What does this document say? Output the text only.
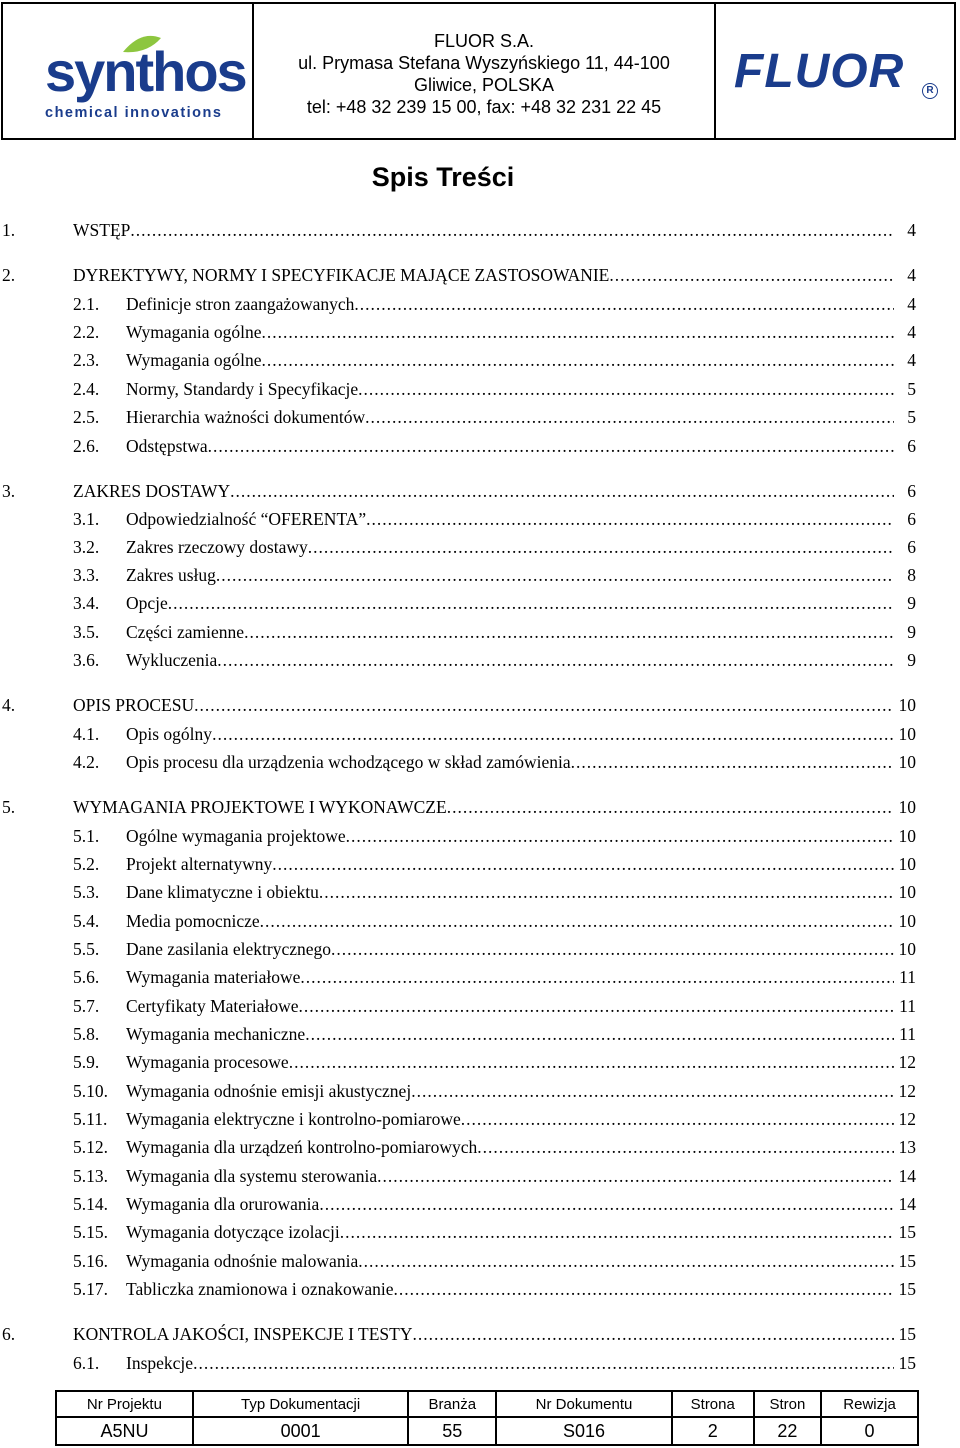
synthos
chemical innovations
FLUOR S.A.
ul. Prymasa Stefana Wyszyńskiego 11, 44-100
Gliwice, POLSKA
tel: +48 32 239 15 00, fax: +48 32 231 22 45
FLUOR	R
Spis Treści
1.	WSTĘP .....	4
2.	DYREKTYWY, NORMY I SPECYFIKACJE MAJĄCE ZASTOSOWANIE .....	4
2.1. Definicje stron zaangażowanych .....	4
2.2. Wymagania ogólne .....	4
2.3. Wymagania ogólne .....	4
2.4. Normy, Standardy i Specyfikacje .....	5
2.5. Hierarchia ważności dokumentów .....	5
2.6. Odstępstwa .....	6
3.	ZAKRES DOSTAWY .....	6
3.1. Odpowiedzialność “OFERENTA” .....	6
3.2. Zakres rzeczowy dostawy .....	6
3.3. Zakres usług .....	8
3.4. Opcje .....	9
3.5. Części zamienne .....	9
3.6. Wykluczenia .....	9
4.	OPIS PROCESU .....	10
4.1. Opis ogólny .....	10
4.2. Opis procesu dla urządzenia wchodzącego w skład zamówienia .....	10
5.	WYMAGANIA PROJEKTOWE I WYKONAWCZE .....	10
5.1. Ogólne wymagania projektowe .....	10
5.2. Projekt alternatywny .....	10
5.3. Dane klimatyczne i obiektu .....	10
5.4. Media pomocnicze .....	10
5.5. Dane zasilania elektrycznego .....	10
5.6. Wymagania materiałowe .....	11
5.7. Certyfikaty Materiałowe .....	11
5.8. Wymagania mechaniczne .....	11
5.9. Wymagania procesowe .....	12
5.10. Wymagania odnośnie emisji akustycznej .....	12
5.11. Wymagania elektryczne i kontrolno-pomiarowe .....	12
5.12. Wymagania dla urządzeń kontrolno-pomiarowych .....	13
5.13. Wymagania dla systemu sterowania .....	14
5.14. Wymagania dla orurowania .....	14
5.15. Wymagania dotyczące izolacji .....	15
5.16. Wymagania odnośnie malowania .....	15
5.17. Tabliczka znamionowa i oznakowanie .....	15
6.	KONTROLA JAKOŚCI, INSPEKCJE I TESTY .....	15
6.1. Inspekcje .....	15
Nr Projektu	Typ Dokumentacji	Branża	Nr Dokumentu	Strona	Stron	Rewizja
A5NU	0001	55	S016	2	22	0
